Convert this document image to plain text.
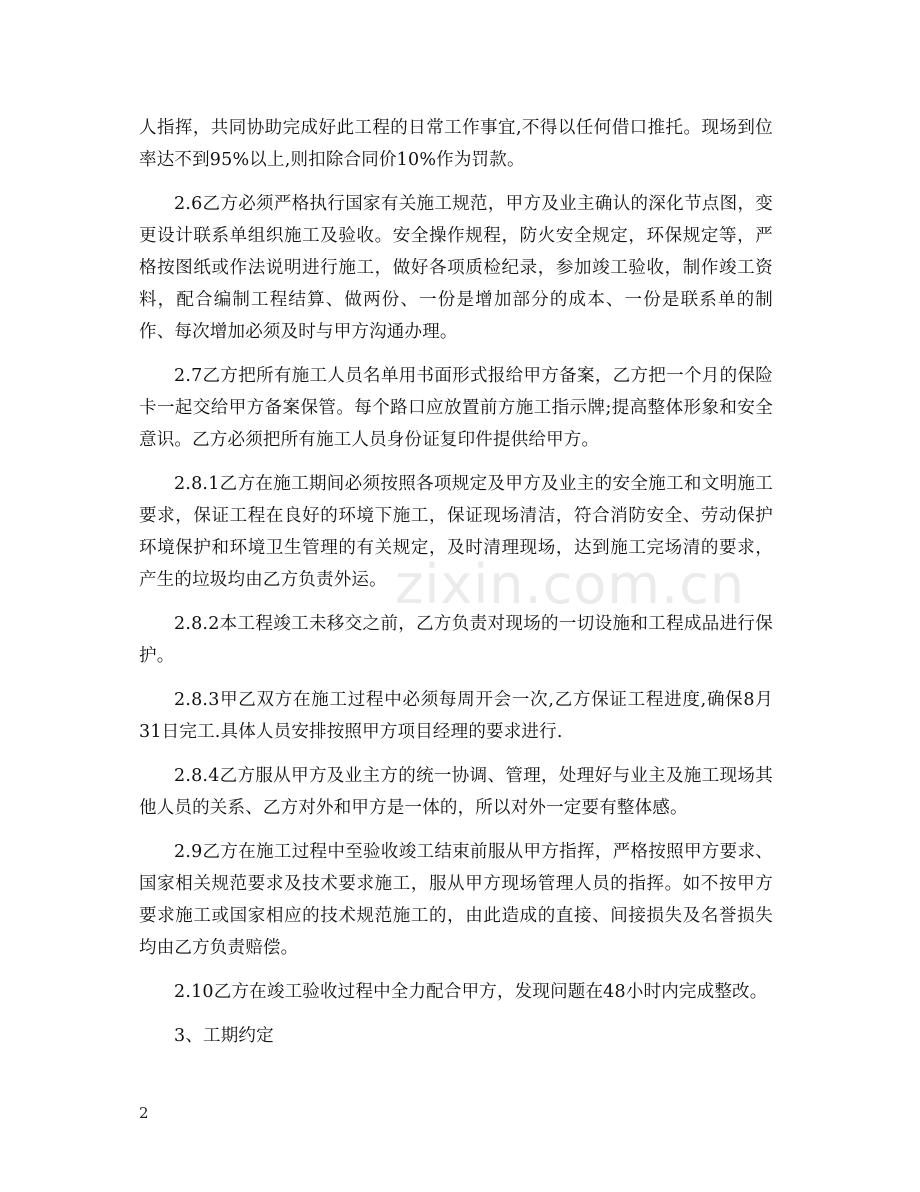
人指挥，共同协助完成好此工程的日常工作事宜,不得以任何借口推托。现场到位率达不到95%以上,则扣除合同价10%作为罚款。

2.6乙方必须严格执行国家有关施工规范，甲方及业主确认的深化节点图，变更设计联系单组织施工及验收。安全操作规程，防火安全规定，环保规定等，严格按图纸或作法说明进行施工，做好各项质检纪录，参加竣工验收，制作竣工资料，配合编制工程结算、做两份、一份是增加部分的成本、一份是联系单的制作、每次增加必须及时与甲方沟通办理。

2.7乙方把所有施工人员名单用书面形式报给甲方备案，乙方把一个月的保险卡一起交给甲方备案保管。每个路口应放置前方施工指示牌;提高整体形象和安全意识。乙方必须把所有施工人员身份证复印件提供给甲方。

2.8.1乙方在施工期间必须按照各项规定及甲方及业主的安全施工和文明施工要求，保证工程在良好的环境下施工，保证现场清洁，符合消防安全、劳动保护环境保护和环境卫生管理的有关规定，及时清理现场，达到施工完场清的要求，产生的垃圾均由乙方负责外运。

2.8.2本工程竣工未移交之前，乙方负责对现场的一切设施和工程成品进行保护。

2.8.3甲乙双方在施工过程中必须每周开会一次,乙方保证工程进度,确保8月31日完工.具体人员安排按照甲方项目经理的要求进行.

2.8.4乙方服从甲方及业主方的统一协调、管理，处理好与业主及施工现场其他人员的关系、乙方对外和甲方是一体的，所以对外一定要有整体感。

2.9乙方在施工过程中至验收竣工结束前服从甲方指挥，严格按照甲方要求、国家相关规范要求及技术要求施工，服从甲方现场管理人员的指挥。如不按甲方要求施工或国家相应的技术规范施工的，由此造成的直接、间接损失及名誉损失均由乙方负责赔偿。

2.10乙方在竣工验收过程中全力配合甲方，发现问题在48小时内完成整改。

3、工期约定

zixin.com.cn
2
